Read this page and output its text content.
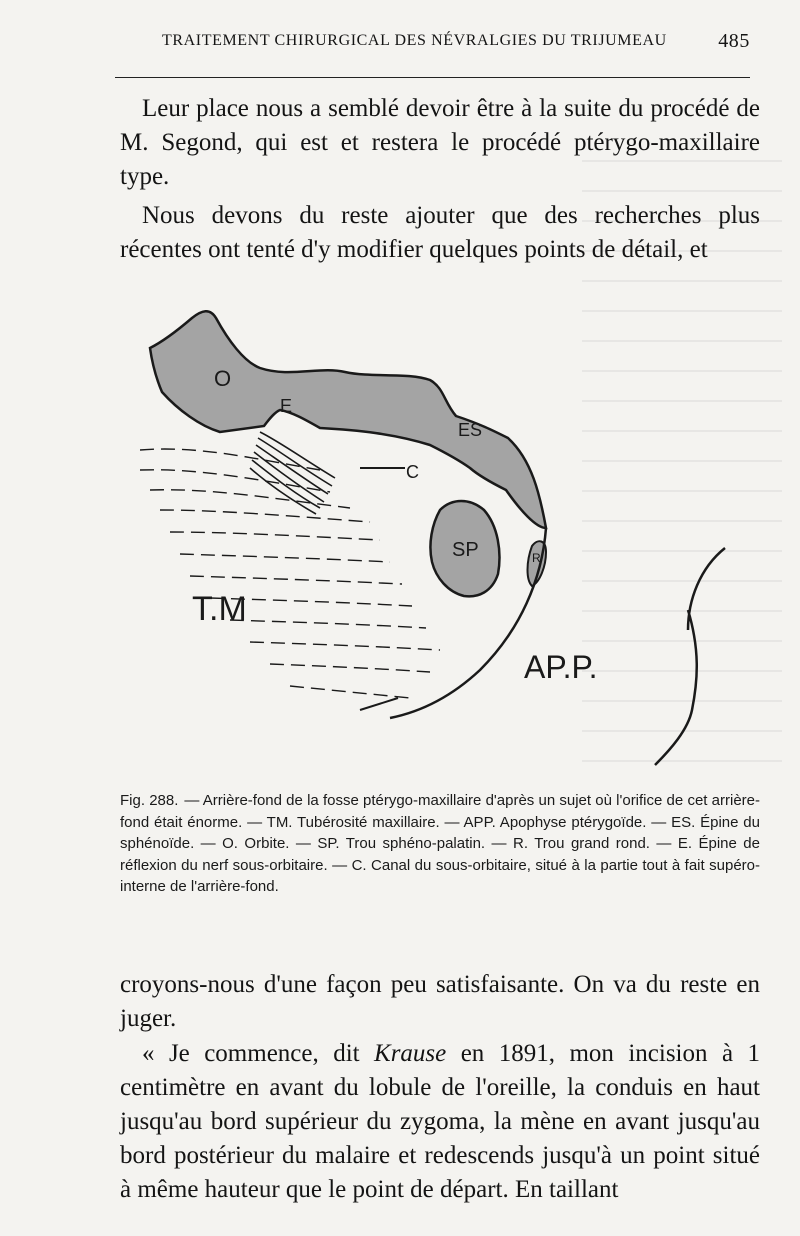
TRAITEMENT CHIRURGICAL DES NÉVRALGIES DU TRIJUMEAU	485

Leur place nous a semblé devoir être à la suite du procédé de M. Segond, qui est et restera le procédé ptérygo-maxillaire type.

Nous devons du reste ajouter que des recherches plus récentes ont tenté d'y modifier quelques points de détail, et

O
E
ES
C
SP	R
T.M
AP.P.

Fig. 288. — Arrière-fond de la fosse ptérygo-maxillaire d'après un sujet où l'orifice de cet arrière-fond était énorme. — TM. Tubérosité maxillaire. — APP. Apophyse ptérygoïde. — ES. Épine du sphénoïde. — O. Orbite. — SP. Trou sphéno-palatin. — R. Trou grand rond. — E. Épine de réflexion du nerf sous-orbitaire. — C. Canal du sous-orbitaire, situé à la partie tout à fait supéro-interne de l'arrière-fond.

croyons-nous d'une façon peu satisfaisante. On va du reste en juger.

« Je commence, dit Krause en 1891, mon incision à 1 centimètre en avant du lobule de l'oreille, la conduis en haut jusqu'au bord supérieur du zygoma, la mène en avant jusqu'au bord postérieur du malaire et redescends jusqu'à un point situé à même hauteur que le point de départ. En taillant
